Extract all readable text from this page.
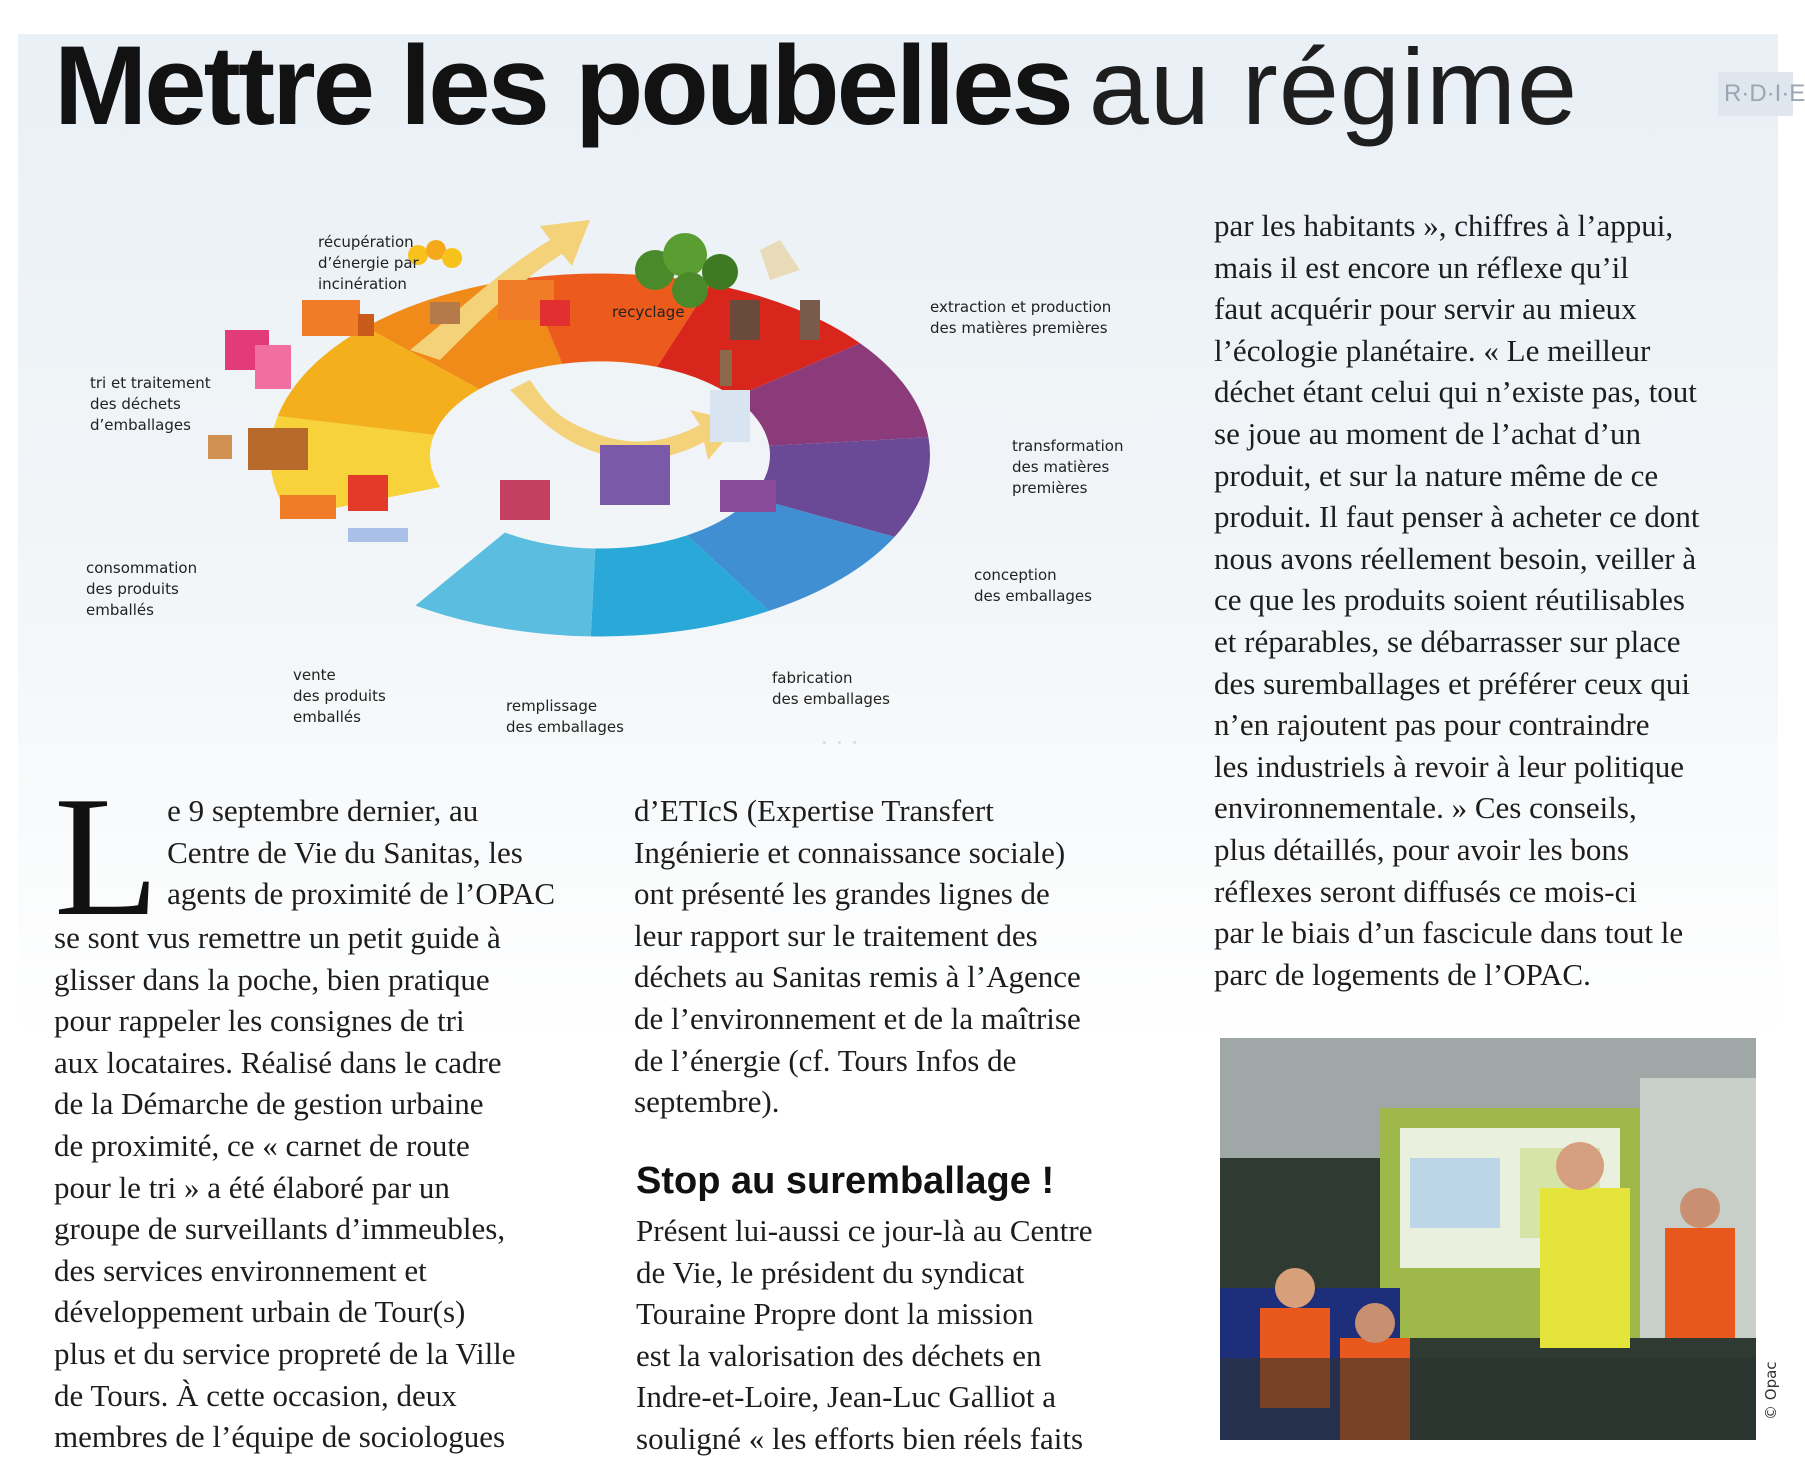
R·D·I·E
Mettre les poubelles au régime
récupération
d’énergie par
incinération
recyclage	extraction et production
des matières premières
tri et traitement
des déchets
d’emballages
transformation
des matières
premières
consommation
des produits
emballés
conception
des emballages
vente
des produits
emballés
remplissage
des emballages
fabrication
des emballages
· · ·
L e 9 septembre dernier, au
Centre de Vie du Sanitas, les
agents de proximité de l’OPAC
se sont vus remettre un petit guide à
glisser dans la poche, bien pratique
pour rappeler les consignes de tri
aux locataires. Réalisé dans le cadre
de la Démarche de gestion urbaine
de proximité, ce « carnet de route
pour le tri » a été élaboré par un
groupe de surveillants d’immeubles,
des services environnement et
développement urbain de Tour(s)
plus et du service propreté de la Ville
de Tours. À cette occasion, deux
membres de l’équipe de sociologues
d’ETIcS (Expertise Transfert
Ingénierie et connaissance sociale)
ont présenté les grandes lignes de
leur rapport sur le traitement des
déchets au Sanitas remis à l’Agence
de l’environnement et de la maîtrise
de l’énergie (cf. Tours Infos de
septembre).
Stop au suremballage !
Présent lui-aussi ce jour-là au Centre
de Vie, le président du syndicat
Touraine Propre dont la mission
est la valorisation des déchets en
Indre-et-Loire, Jean-Luc Galliot a
souligné « les efforts bien réels faits
par les habitants », chiffres à l’appui,
mais il est encore un réflexe qu’il
faut acquérir pour servir au mieux
l’écologie planétaire. « Le meilleur
déchet étant celui qui n’existe pas, tout
se joue au moment de l’achat d’un
produit, et sur la nature même de ce
produit. Il faut penser à acheter ce dont
nous avons réellement besoin, veiller à
ce que les produits soient réutilisables
et réparables, se débarrasser sur place
des suremballages et préférer ceux qui
n’en rajoutent pas pour contraindre
les industriels à revoir à leur politique
environnementale. » Ces conseils,
plus détaillés, pour avoir les bons
réflexes seront diffusés ce mois-ci
par le biais d’un fascicule dans tout le
parc de logements de l’OPAC.
© Opac
